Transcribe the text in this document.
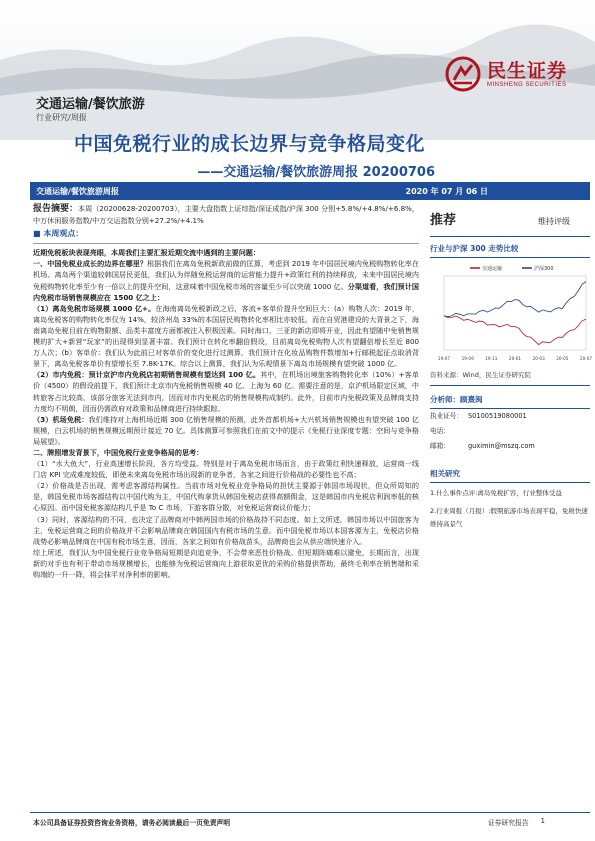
民生证券
MINSHENG SECURITIES
交通运输/餐饮旅游
行业研究/周报
中国免税行业的成长边界与竞争格局变化
——交通运输/餐饮旅游周报 20200706
交通运输/餐饮旅游周报	2020 年 07 月 06 日

报告摘要：本周（20200628-20200703），主要大盘指数上证综指/深证成指/沪深 300 分别+5.8%/+4.8%/+6.8%，中万休闲服务指数/中万交运指数分别+27.2%/+4.1%

■ 本周观点：

近期免税板块表现亮眼，本周我们主要汇报近期交流中遇到的主要问题：

一、中国免税业成长的边界在哪里？根据我们在离岛免税新政前做的匡算，考虑到 2019 年中国居民境内免税购物转化率在机场、离岛两个渠道较韩国居民更低，我们认为伴随免税运营商的运营能力提升+政策红利的持续释放，未来中国居民境内免税购物转化率至少有一倍以上的提升空间，这意味着中国免税市场的容量至少可以突破 1000 亿。分渠道看，我们预计国内免税市场销售规模应在 1500 亿之上：

（1）离岛免税市场规模 1000 亿+。在海南离岛免税新政之后，客流+客单价提升空间巨大：(a）购物人次：2019 年，离岛免税客的购物转化率仅为 14%，较济州岛 33%的本国居民购物转化率相比亦较低。而在自贸港建设的大背景之下，海南离岛免税目前在购物限额、品类丰富度方面都被注入积极因素。同时海口、三亚的新店即将开业，因此有望随中免销售规模的扩大+新营“玩家”的出现得到显著丰富。我们预计在转化率翻倍假设，目前离岛免税购物人次有望翻倍增长至近 800 万人次；(b）客单价：我们认为此前已对客单价的变化进行过测算，我们预计在化妆品购物件数增加+行邮税起征点取消背景下，离岛免税客单价有望增长至 7.8K-17K。综合以上测算，我们认为乐观情景下离岛市场规模有望突破 1000 亿。

（2）市内免税：预计京沪市内免税店初期销售规模有望达到 100 亿。其中，在机场出境旅客购物转化率（10%）+客单价（4500）的假设前提下，我们预计北京市内免税销售规模 40 亿、上海为 60 亿。需要注意的是，京沪机场限定区域，中转旅客占比较高，该部分旅客无法到市内，因而对市内免税店的销售规模构成制约。此外，目前市内免税政策及品牌商支持力度均不明朗，因而仍需政府对政策和品牌商进行持续跟踪。

（3）机场免税：我们维持对上海机场近期 300 亿销售规模的预测，此外首都机场+大兴机场销售规模也有望突破 100 亿规模，白云机场的销售规模远期预计接近 70 亿。具体测算可参照我们在前文中的提示《免税行业深度专题：空间与竞争格局展望》。

二、牌照增发背景下，中国免税行业竞争格局的思考：

（1）“水大鱼大”，行业高速增长阶段，各方均受益。特别是对于离岛免税市场而言，由于政策红利快速释放，运营商一线门店 KPI 完成难度较低，即使未来离岛免税市场出现新的竞争者，各家之间进行价格战的必要性也不高；

（2）价格战是否出现，需考虑客源结构属性。当前市场对免税业竞争格局的担忧主要源于韩国市场现状，但众所周知的是，韩国免税市场客源结构以中国代购为主，中国代购拿货从韩国免税店获得高额佣金，这是韩国市内免税店利润率低的核心原因。而中国免税客源结构几乎是 To C 市场，下游客群分散，对免税运营商议价能力；

（3）同时，客源结构的不同，也决定了品牌商对中韩两国市场的价格战持不同态度。如上文所述，韩国市场以中国旅客为主，免税运营商之间的价格战并不会影响品牌商在韩国国内有税市场的生意。而中国免税市场以本国客源为主，免税店价格战势必影响品牌商在中国有税市场生意，因而，各家之间如有价格战苗头，品牌商也会从供应端快速介入。

综上所述，我们认为中国免税行业竞争格局短期是向追竞争，不会带来恶性价格战。但短期阵痛难以避免，长期而言，出现新的对手也有利于带动市场规模增长，也能够为免税运营商向上游获取更优的采购价格提供帮助，最终毛利率在销售端和采购端的一升一降，将会抹平对净利率的影响。

推荐	维持评级
行业与沪深 300 走势比较
交通运输	沪深300
19-07	19-09	19-11	20-01	20-03	20-05	20-07
资料来源：Wind，民生证券研究院
分析师：顾熹闽
执业证号： S0100519080001
电话：
邮箱：	guximin@mszq.com
相关研究
1.什么事件点评:离岛免税扩容，行业整体受益
2.行业周报（月报）:假期旅游市场表现平稳，免税快速维持高景气
本公司具备证券投资咨询业务资格，请务必阅读最后一页免责声明	证券研究报告 1
